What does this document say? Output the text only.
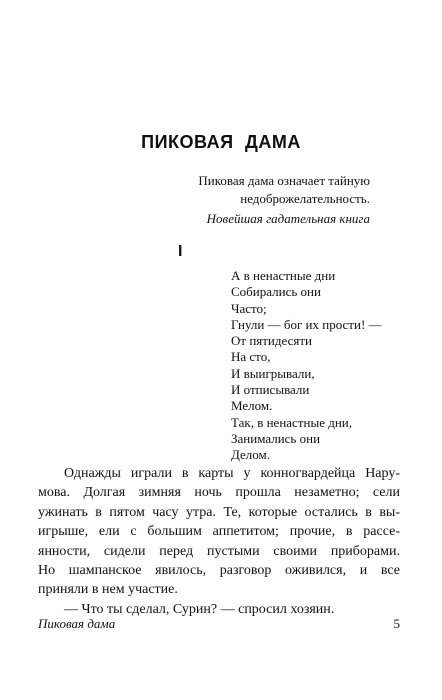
ПИКОВАЯ ДАМА
Пиковая дама означает тайную
недоброжелательность.
Новейшая гадательная книга
I
А в ненастные дни
Собирались они
Часто;
Гнули — бог их прости! —
От пятидесяти
На сто,
И выигрывали,
И отписывали
Мелом.
Так, в ненастные дни,
Занимались они
Делом.
Однажды играли в карты у конногвардейца Нару-
мова. Долгая зимняя ночь прошла незаметно; сели
ужинать в пятом часу утра. Те, которые остались в вы-
игрыше, ели с большим аппетитом; прочие, в рассе-
янности, сидели перед пустыми своими приборами.
Но шампанское явилось, разговор оживился, и все
приняли в нем участие.
— Что ты сделал, Сурин? — спросил хозяин.
Пиковая дама	5
